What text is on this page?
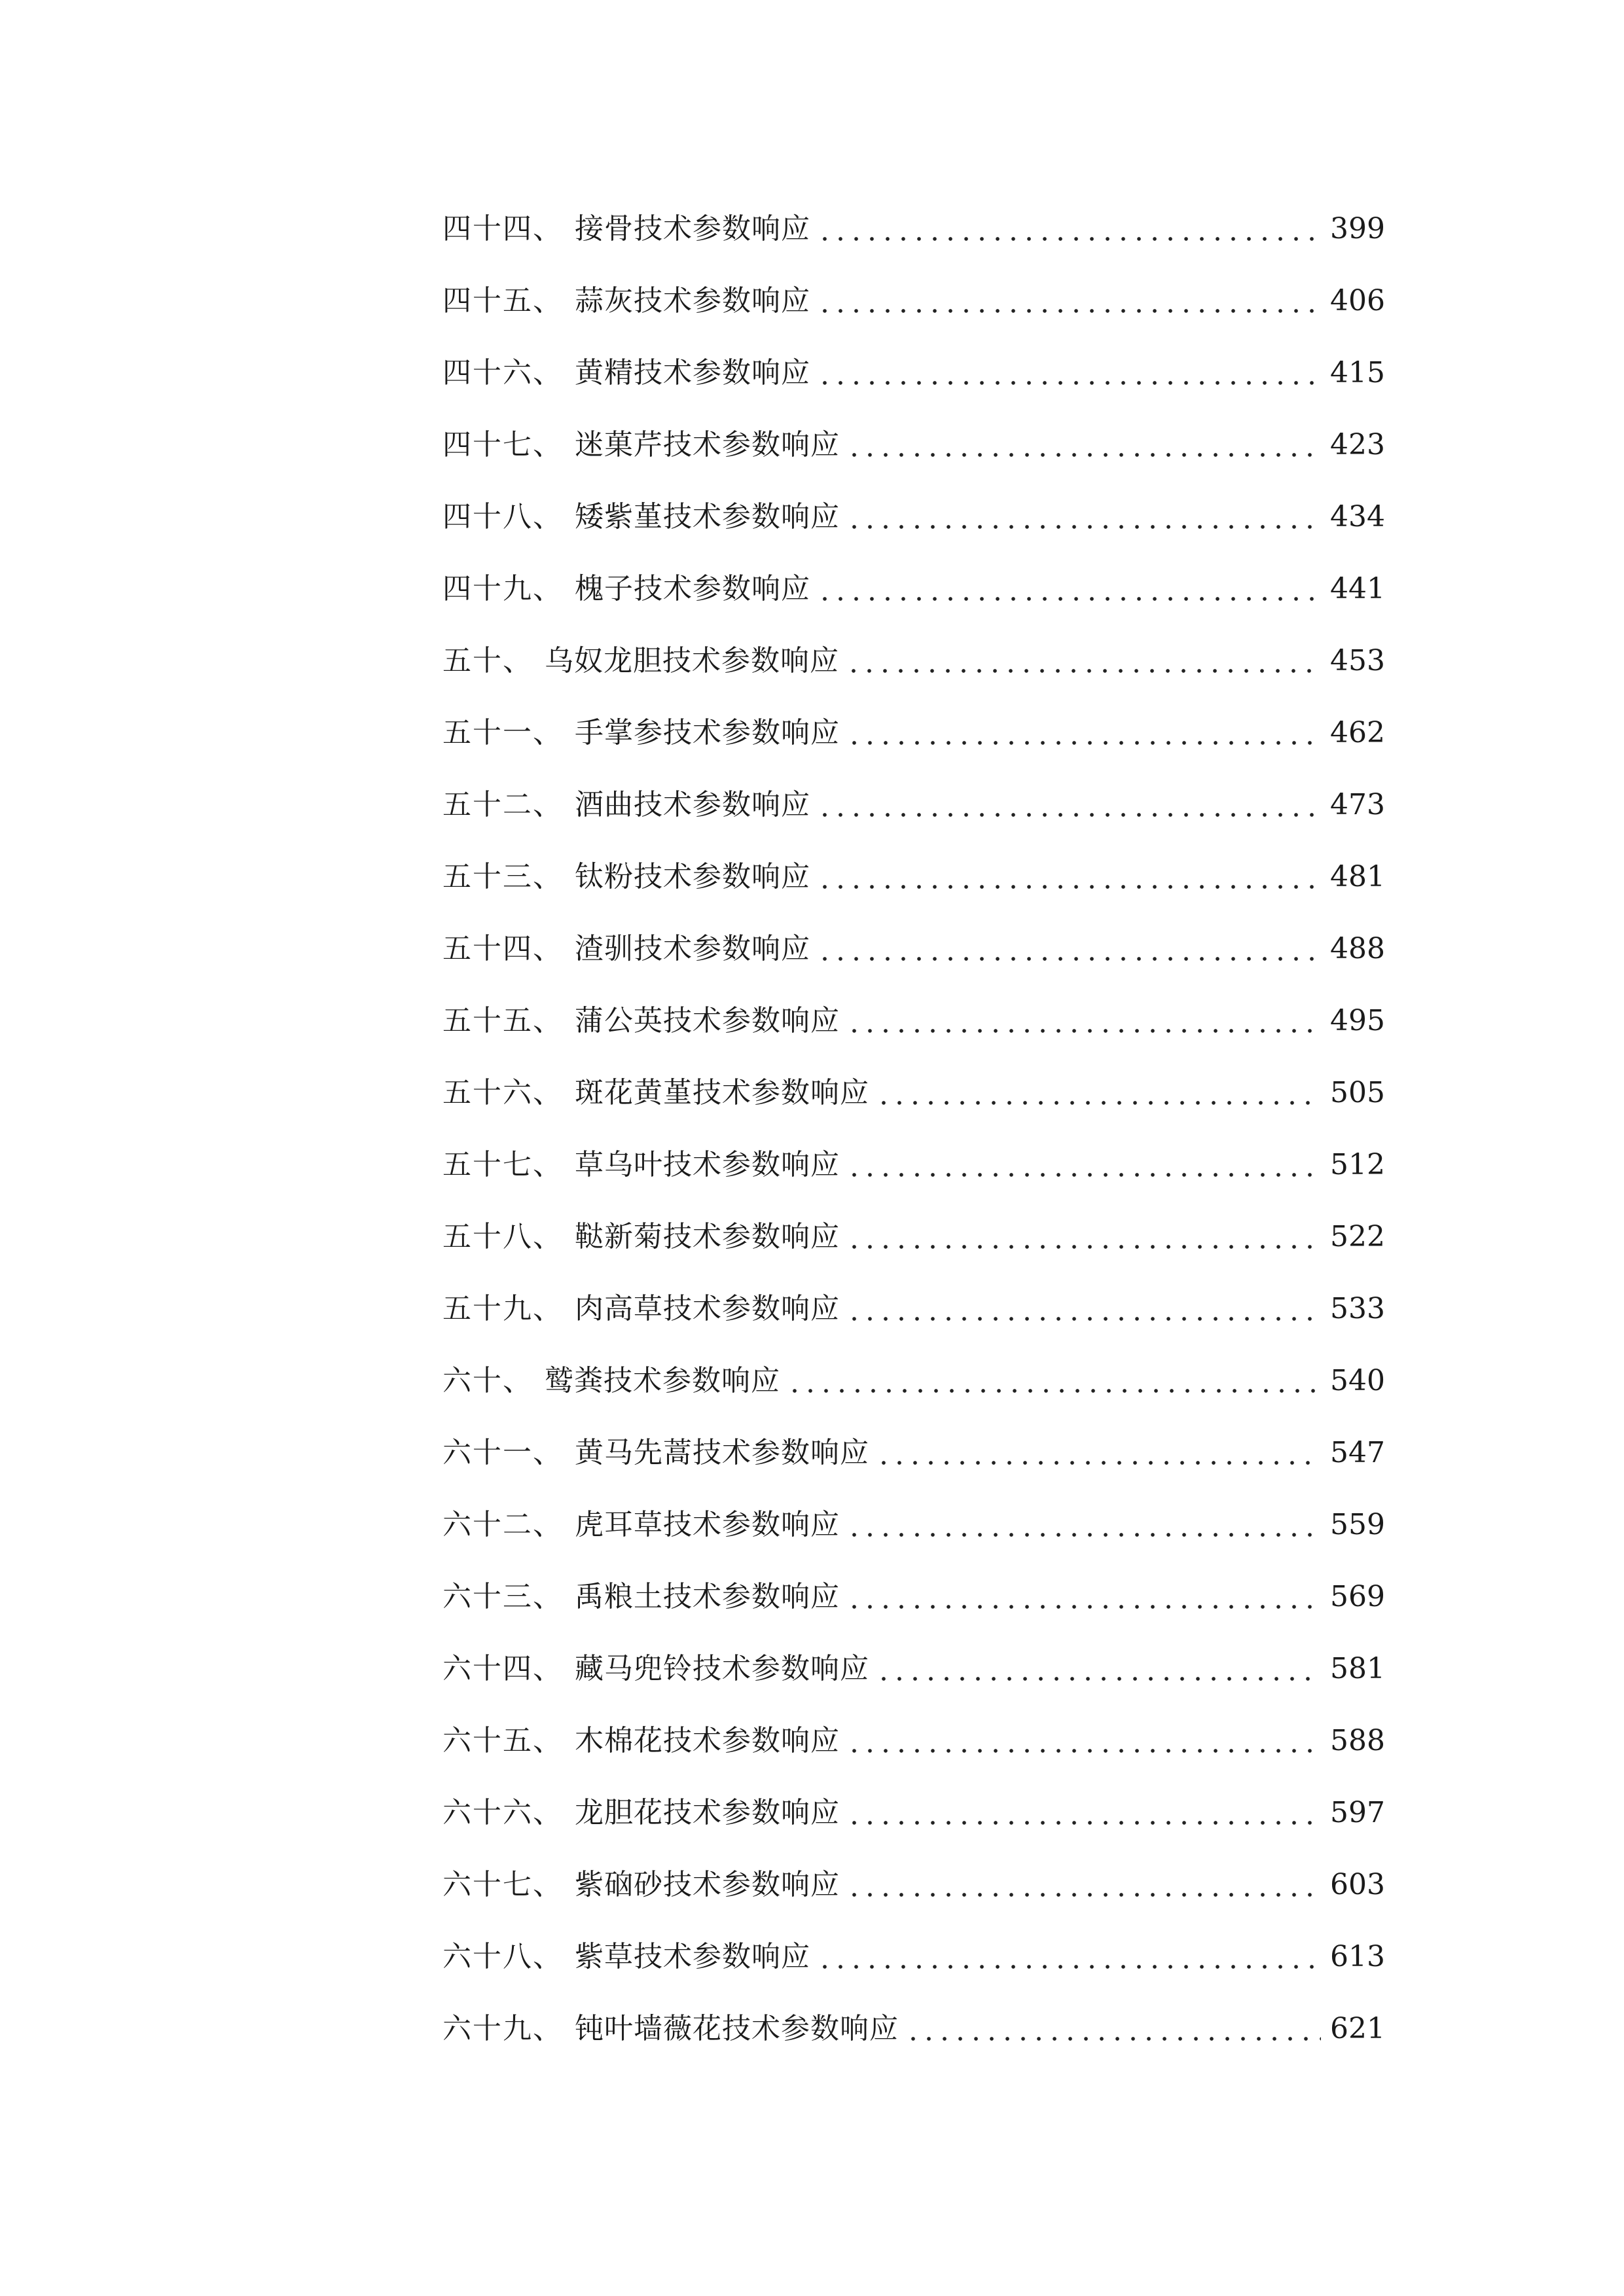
四十四、 接骨技术参数响应	399
四十五、 蒜灰技术参数响应	406
四十六、 黄精技术参数响应	415
四十七、 迷菓芹技术参数响应	423
四十八、 矮紫堇技术参数响应	434
四十九、 槐子技术参数响应	441
五十、 乌奴龙胆技术参数响应	453
五十一、 手掌参技术参数响应	462
五十二、 酒曲技术参数响应	473
五十三、 钛粉技术参数响应	481
五十四、 渣驯技术参数响应	488
五十五、 蒲公英技术参数响应	495
五十六、 斑花黄堇技术参数响应	505
五十七、 草乌叶技术参数响应	512
五十八、 鞑新菊技术参数响应	522
五十九、 肉高草技术参数响应	533
六十、 鹫粪技术参数响应	540
六十一、 黄马先蒿技术参数响应	547
六十二、 虎耳草技术参数响应	559
六十三、 禹粮土技术参数响应	569
六十四、 藏马兜铃技术参数响应	581
六十五、 木棉花技术参数响应	588
六十六、 龙胆花技术参数响应	597
六十七、 紫硇砂技术参数响应	603
六十八、 紫草技术参数响应	613
六十九、 钝叶墙薇花技术参数响应	621
